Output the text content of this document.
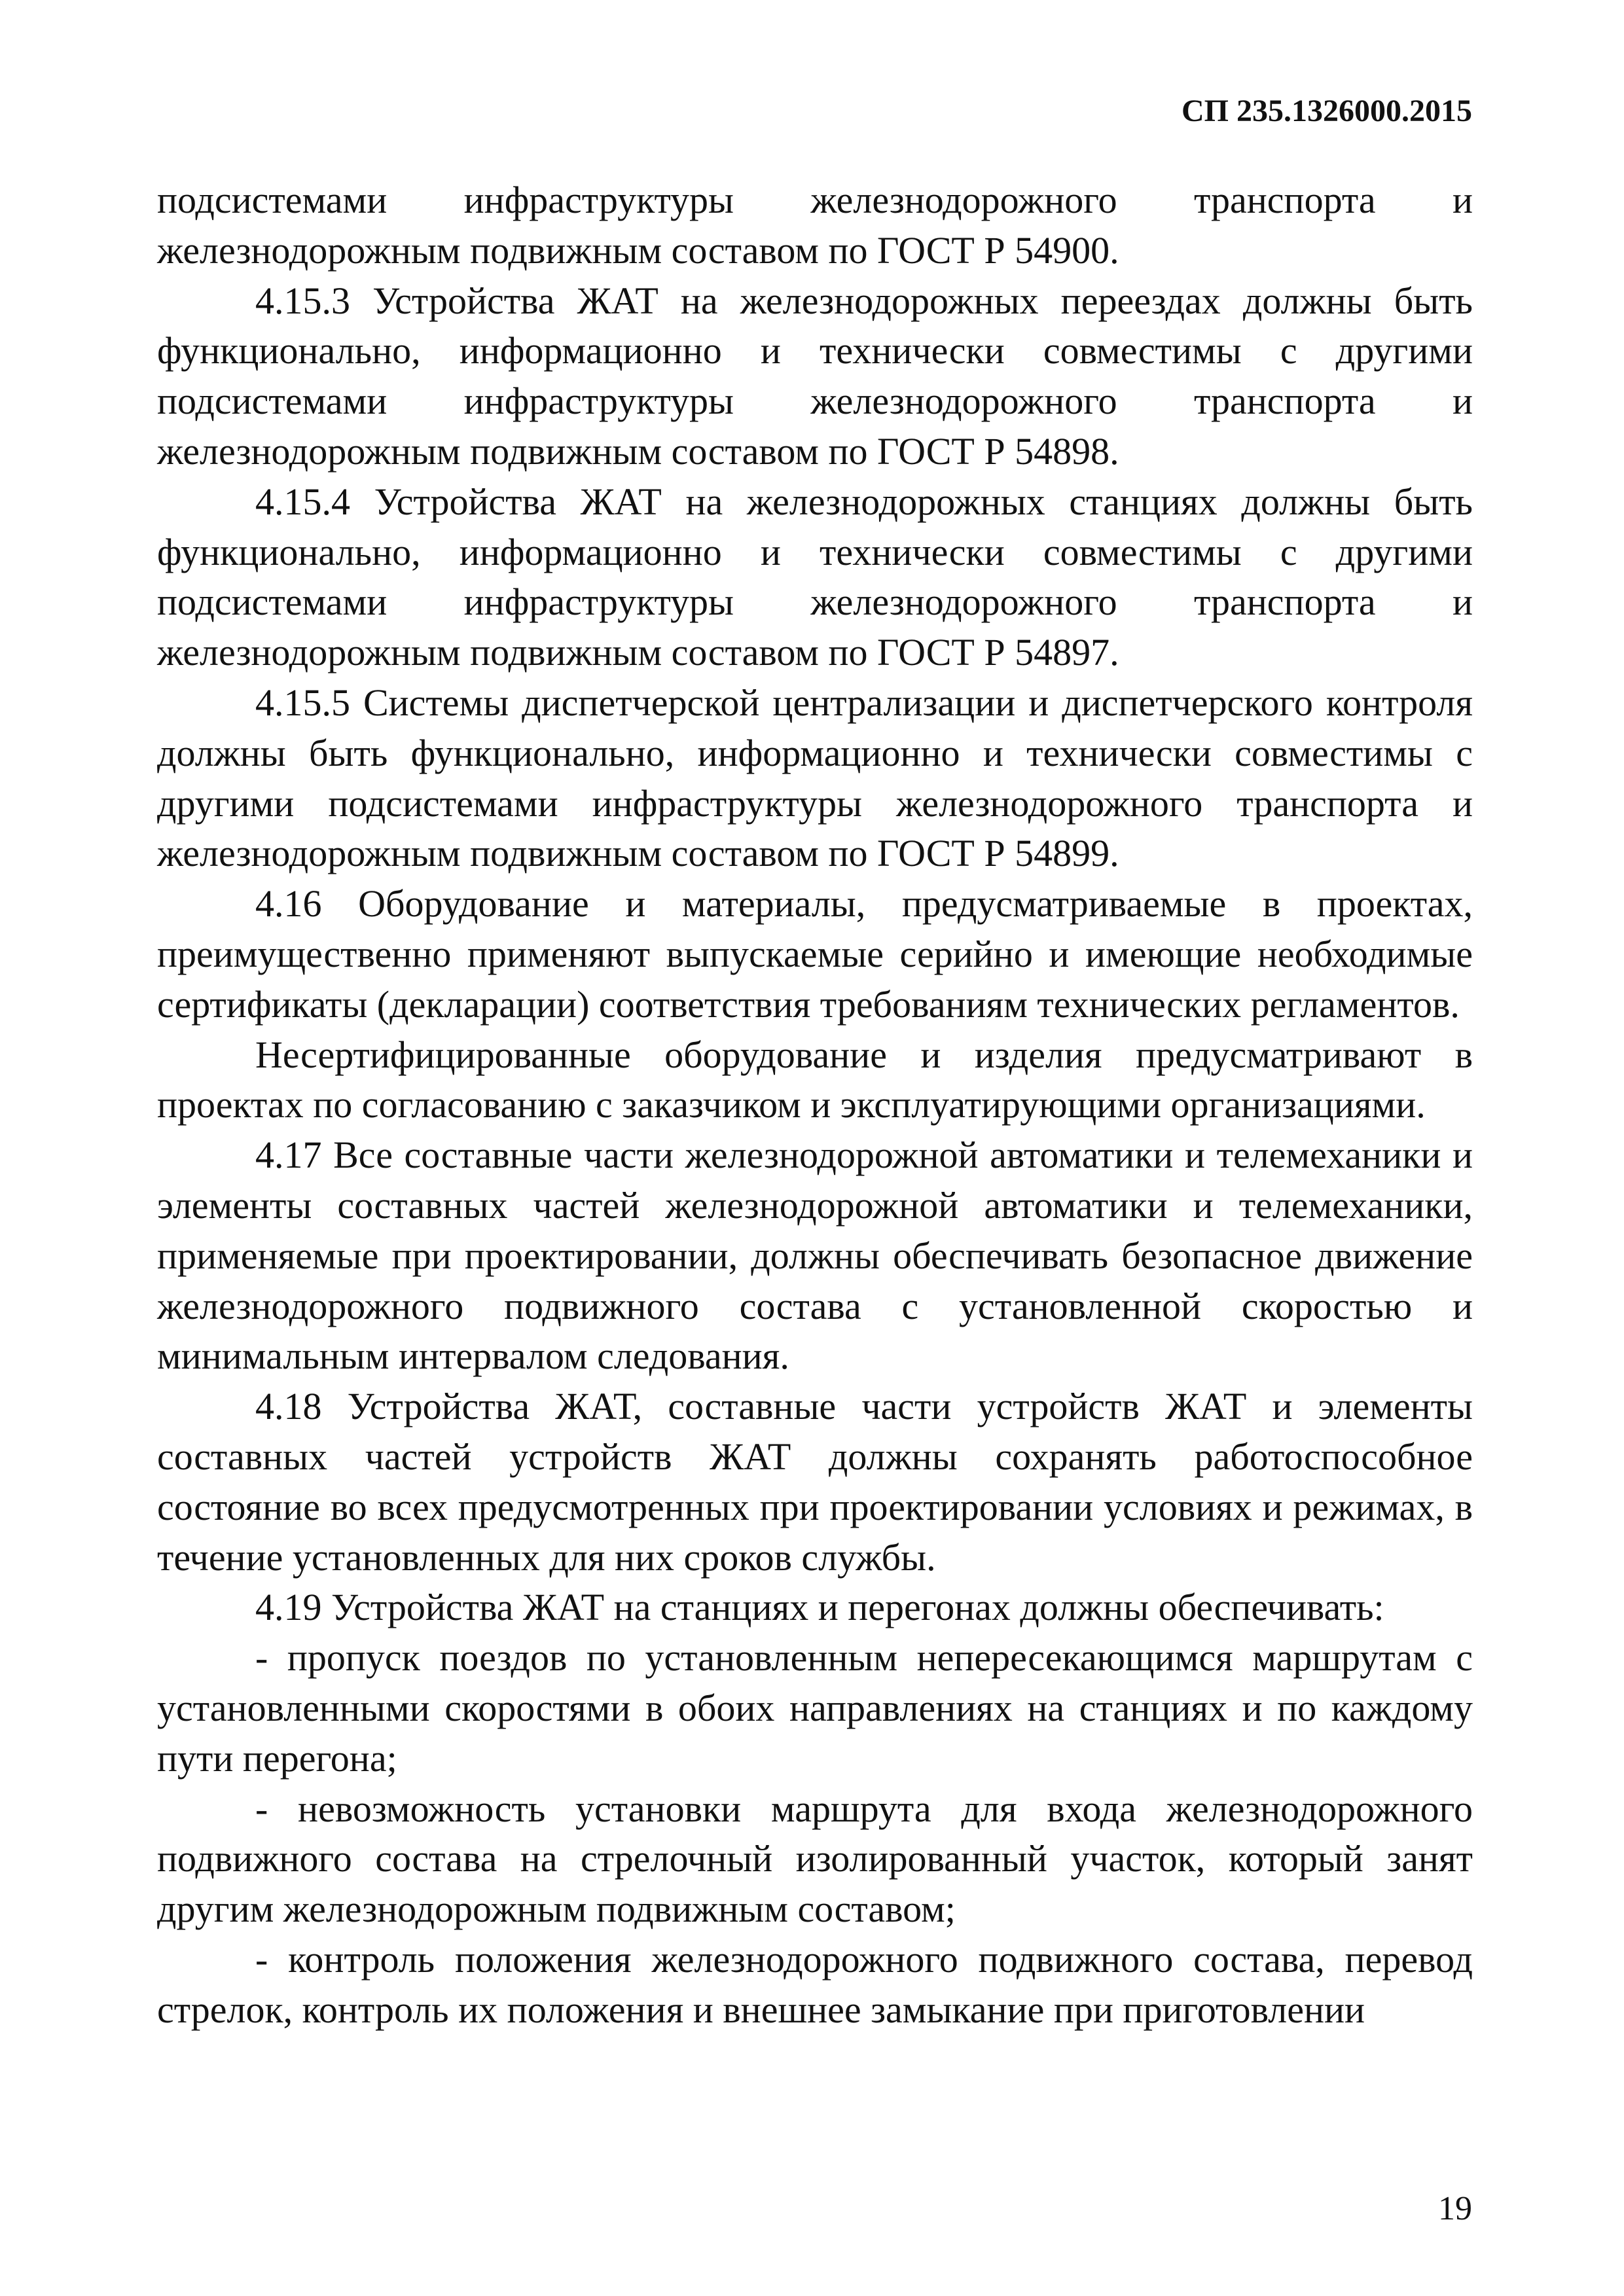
СП 235.1326000.2015

подсистемами инфраструктуры железнодорожного транспорта и железнодорожным подвижным составом по ГОСТ Р 54900.

4.15.3 Устройства ЖАТ на железнодорожных переездах должны быть функционально, информационно и технически совместимы с другими подсистемами инфраструктуры железнодорожного транспорта и железнодорожным подвижным составом по ГОСТ Р 54898.

4.15.4 Устройства ЖАТ на железнодорожных станциях должны быть функционально, информационно и технически совместимы с другими подсистемами инфраструктуры железнодорожного транспорта и железнодорожным подвижным составом по ГОСТ Р 54897.

4.15.5 Системы диспетчерской централизации и диспетчерского контроля должны быть функционально, информационно и технически совместимы с другими подсистемами инфраструктуры железнодорожного транспорта и железнодорожным подвижным составом по ГОСТ Р 54899.

4.16 Оборудование и материалы, предусматриваемые в проектах, преимущественно применяют выпускаемые серийно и имеющие необходимые сертификаты (декларации) соответствия требованиям технических регламентов.

Несертифицированные оборудование и изделия предусматривают в проектах по согласованию с заказчиком и эксплуатирующими организациями.

4.17 Все составные части железнодорожной автоматики и телемеханики и элементы составных частей железнодорожной автоматики и телемеханики, применяемые при проектировании, должны обеспечивать безопасное движение железнодорожного подвижного состава с установленной скоростью и минимальным интервалом следования.

4.18 Устройства ЖАТ, составные части устройств ЖАТ и элементы составных частей устройств ЖАТ должны сохранять работоспособное состояние во всех предусмотренных при проектировании условиях и режимах, в течение установленных для них сроков службы.

4.19 Устройства ЖАТ на станциях и перегонах должны обеспечивать:

- пропуск поездов по установленным непересекающимся маршрутам с установленными скоростями в обоих направлениях на станциях и по каждому пути перегона;

- невозможность установки маршрута для входа железнодорожного подвижного состава на стрелочный изолированный участок, который занят другим железнодорожным подвижным составом;

- контроль положения железнодорожного подвижного состава, перевод стрелок, контроль их положения и внешнее замыкание при приготовлении

19
